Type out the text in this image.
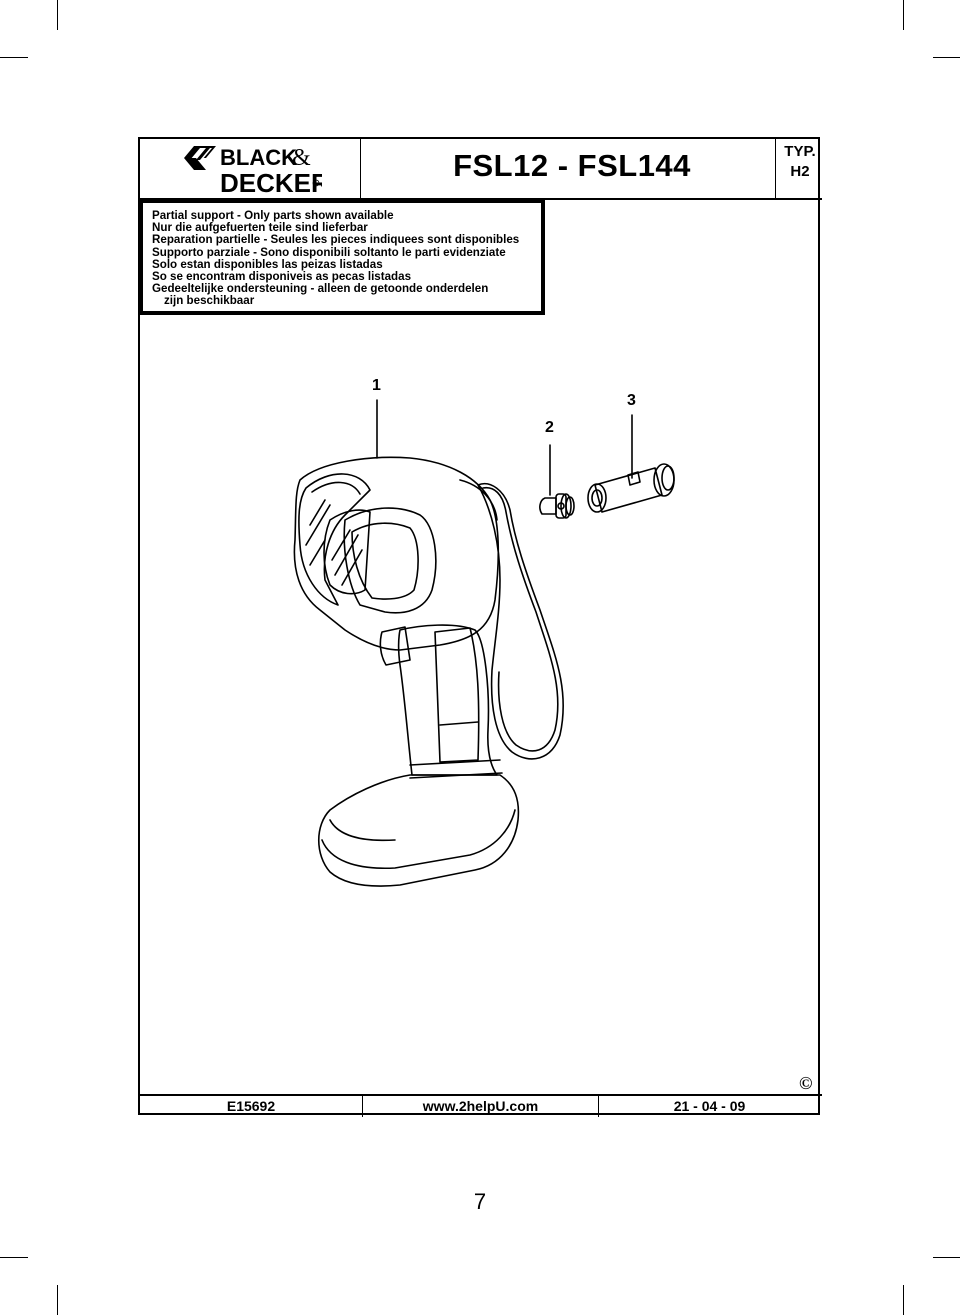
BLACK
&
DECKER	FSL12 - FSL144	TYP.
H2
Partial support - Only parts shown available
Nur die aufgefuerten teile sind lieferbar
Reparation partielle - Seules les pieces indiquees sont disponibles
Supporto parziale - Sono disponibili soltanto le parti evidenziate
Solo estan disponibles las peizas listadas
So se encontram disponiveis as pecas listadas
Gedeeltelijke ondersteuning - alleen de getoonde onderdelen
zijn beschikbaar
1
2
3
©
E15692	www.2helpU.com	21 - 04 - 09
7
